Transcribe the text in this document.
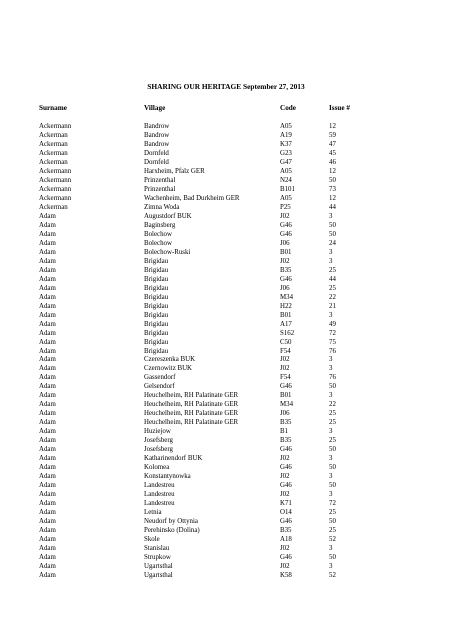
SHARING OUR HERITAGE September 27, 2013
Surname	Village	Code	Issue #
Ackermann	Bandrow	A05	12
Ackerman	Bandrow	A19	59
Ackerman	Bandrow	K37	47
Ackerman	Dornfeld	G23	45
Ackerman	Dornfeld	G47	46
Ackermann	Harxheim, Pfalz GER	A05	12
Ackermann	Prinzenthal	N24	50
Ackermann	Prinzenthal	B101	73
Ackermann	Wachenheim, Bad Durkheim GER	A05	12
Ackerman	Zimna Woda	P25	44
Adam	Augustdorf BUK	J02	3
Adam	Baginsberg	G46	50
Adam	Bolechow	G46	50
Adam	Bolechow	J06	24
Adam	Bolechow-Ruski	B01	3
Adam	Brigidau	J02	3
Adam	Brigidau	B35	25
Adam	Brigidau	G46	44
Adam	Brigidau	J06	25
Adam	Brigidau	M34	22
Adam	Brigidau	H22	21
Adam	Brigidau	B01	3
Adam	Brigidau	A17	49
Adam	Brigidau	S162	72
Adam	Brigidau	C50	75
Adam	Brigidau	F54	76
Adam	Czereszenka BUK	J02	3
Adam	Czernowitz BUK	J02	3
Adam	Gassendorf	F54	76
Adam	Gelsendorf	G46	50
Adam	Heuchelheim, RH Palatinate GER	B01	3
Adam	Heuchelheim, RH Palatinate GER	M34	22
Adam	Heuchelheim, RH Palatinate GER	J06	25
Adam	Heuchelheim, RH Palatinate GER	B35	25
Adam	Huziejow	B1	3
Adam	Josefsberg	B35	25
Adam	Josefsberg	G46	50
Adam	Katharinendorf BUK	J02	3
Adam	Kolomea	G46	50
Adam	Konstantynowka	J02	3
Adam	Landestreu	G46	50
Adam	Landestreu	J02	3
Adam	Landestreu	K71	72
Adam	Letnia	O14	25
Adam	Neudorf by Ottynia	G46	50
Adam	Perehinsko (Dolina)	B35	25
Adam	Skole	A18	52
Adam	Stanislau	J02	3
Adam	Strupkow	G46	50
Adam	Ugartsthal	J02	3
Adam	Ugartsthal	K58	52
